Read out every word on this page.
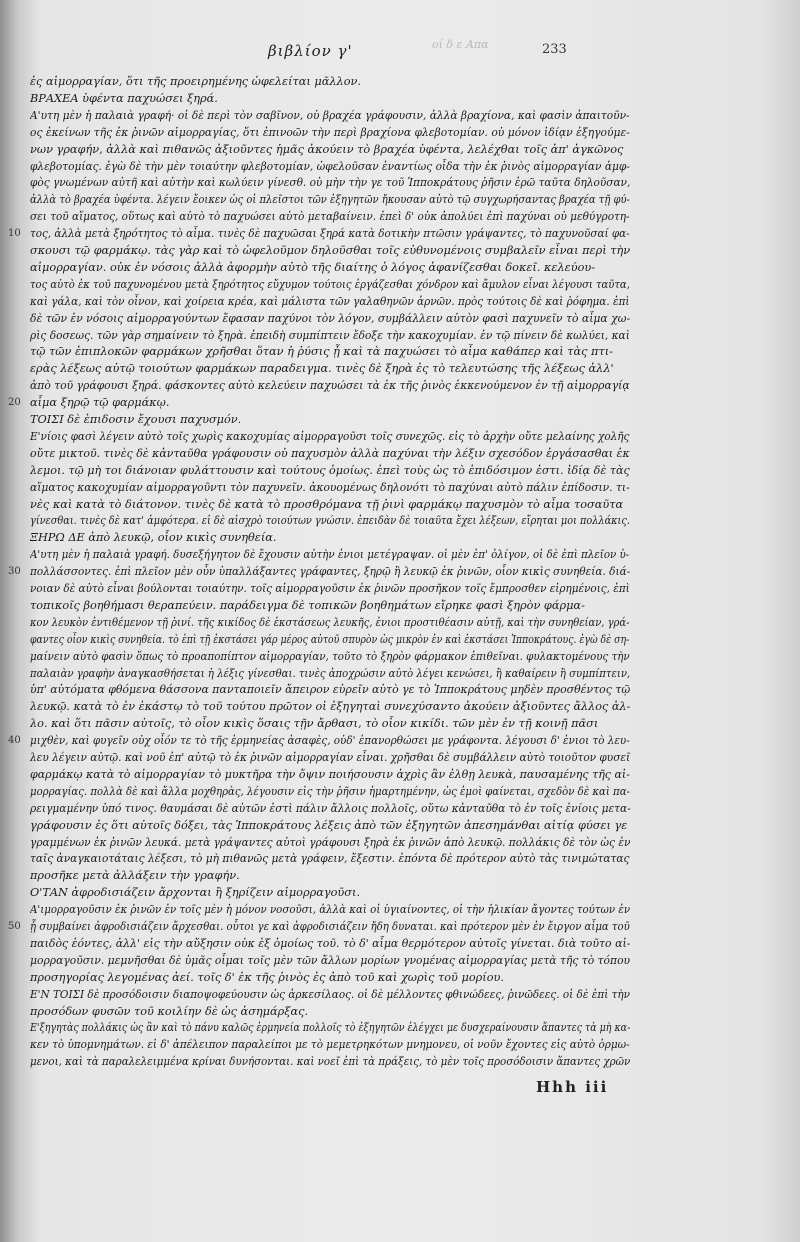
οί δ ε Απα
βιβλίον γ'	233
ἐς αἱμορραγίαν, ὅτι τῆς προειρημένης ὠφελείται μᾶλλον.
ΒΡΑΧΕΑ ὑφέντα παχυώσει ξηρά.
Α'υτη μὲν ἡ παλαιὰ γραφή· οἱ δὲ περὶ τὸν σαβῖνον, οὐ βραχέα γράφουσιν, ἀλλὰ βραχίονα, καὶ φασὶν ἀπαιτοῦν-
ος ἐκείνων τῆς ἐκ ῥινῶν αἱμορραγίας, ὅτι ἐπινοῶν τὴν περὶ βραχίονα φλεβοτομίαν. οὐ μόνον ἰδίᾳν ἐξηγούμε-
νων γραφήν, ἀλλὰ καὶ πιθανῶς ἀξιοῦντες ἡμᾶς ἀκούειν τὸ βραχέα ὑφέντα, λελέχθαι τοῖς ἀπ' ἀγκῶνος
φλεβοτομίας. ἐγὼ δὲ τὴν μὲν τοιαύτην φλεβοτομίαν, ὠφελοῦσαν ἐναντίως οἶδα τὴν ἐκ ῥινὸς αἱμορραγίαν ἀμφ-
φὸς γνωμένων αὐτῆ καὶ αὐτὴν καὶ κωλύειν γίνεσθ. οὐ μὴν τὴν γε τοῦ Ἱπποκράτους ῥῆσιν ἐρῶ ταῦτα δηλοῦσαν,
ἀλλὰ τὸ βραχέα ὑφέντα. λέγειν ἔοικεν ὡς οἱ πλεῖστοι τῶν ἐξηγητῶν ἤκουσαν αὐτὸ τῷ συγχωρήσαντας βραχέα τῇ φύ-
σει τοῦ αἵματος, οὕτως καὶ αὐτὸ τὸ παχυώσει αὐτὸ μεταβαίνειν. ἐπεὶ δ' οὐκ ἀπολύει ἐπὶ παχύναι οὐ μεθύγροτη-
τος, ἀλλὰ μετὰ ξηρότητος τὸ αἷμα. τινὲς δὲ παχυῶσαι ξηρά κατὰ δοτικὴν πτῶσιν γράψαντες, τὸ παχυνοῦσαί φα-
10
σκουσι τῷ φαρμάκῳ. τὰς γὰρ καὶ τὸ ὠφελοῦμον δηλοῦσθαι τοῖς εὐθυνομένοις συμβαλεῖν εἶναι περὶ τὴν
αἱμορραγίαν. οὐκ ἐν νόσοις ἀλλὰ ἀφορμὴν αὐτὸ τῆς διαίτης ὁ λόγος ἀφανίζεσθαι δοκεῖ. κελεύου-
τος αὐτὸ ἐκ τοῦ παχυνομένου μετὰ ξηρότητος εὔχυμον τούτοις ἐργάζεσθαι χόνδρον καὶ ἄμυλον εἶναι λέγουσι ταῦτα,
καὶ γάλα, καὶ τὸν οἶνον, καὶ χοίρεια κρέα, καὶ μάλιστα τῶν γαλαθηνῶν ἀρνῶν. πρὸς τούτοις δὲ καὶ ῥόφημα. ἐπὶ
δὲ τῶν ἐν νόσοις αἱμορραγούντων ἔφασαν παχύνοι τὸν λόγον, συμβάλλειν αὐτὸν φασὶ παχυνεῖν τὸ αἷμα χω-
ρὶς δοσεως. τῶν γὰρ σημαίνειν τὸ ξηρὰ. ἐπειδὴ συμπίπτειν ἔδοξε τὴν κακοχυμίαν. ἐν τῷ πίνειν δὲ κωλύει, καὶ
τῷ τῶν ἐπιπλοκῶν φαρμάκων χρῆσθαι ὅταν ἡ ῥύσις ᾖ καὶ τὰ παχυώσει τὸ αἷμα καθάπερ καὶ τὰς πτι-
ερὰς λέξεως αὐτῷ τοιούτων φαρμάκων παραδειγμα. τινὲς δὲ ξηρὰ ἐς τὸ τελευτώσης τῆς λέξεως ἀλλ'
ἀπὸ τοῦ γράφουσι ξηρά. φάσκοντες αὐτὸ κελεύειν παχυώσει τὰ ἐκ τῆς ῥινὸς ἐκκενούμενον ἐν τῇ αἱμορραγίᾳ
αἷμα ξηρῷ τῷ φαρμάκῳ.
20
ΤΟΙΣΙ δὲ ἐπιδοσιν ἔχουσι παχυσμόν.
Ε'νίοις φασὶ λέγειν αὐτὸ τοῖς χωρὶς κακοχυμίας αἱμορραγοῦσι τοῖς συνεχῶς. εἰς τὸ ἀρχὴν οὔτε μελαίνης χολῆς
οὔτε μικτοῦ. τινὲς δὲ κἀνταῦθα γράφουσιν οὐ παχυσμὸν ἀλλὰ παχύναι τὴν λέξιν σχεσόδον ἐργάσασθαι ἐκ
λεμοι. τῷ μὴ τοι διάνοιαν φυλάττουσιν καὶ τούτους ὁμοίως. ἐπεὶ τοὺς ὡς τὸ ἐπιδόσιμον ἐστι. ἰδίᾳ δὲ τὰς
αἵματος κακοχυμίαν αἱμορραγοῦντι τὸν παχυνεῖν. ἀκουομένως δηλονότι τὸ παχύναι αὐτὸ πάλιν ἐπίδοσιν. τι-
νὲς καὶ κατὰ τὸ διάτονον. τινὲς δὲ κατὰ τὸ προσθρόμανα τῇ ῥινὶ φαρμάκῳ παχυσμὸν τὸ αἷμα τοσαῦτα
γίνεσθαι. τινὲς δὲ κατ' ἀμφότερα. εἰ δὲ αἰσχρὸ τοιούτων γνώσιν. ἐπειδὰν δὲ τοιαῦτα ἔχει λέξεων, εἴρηται μοι πολλάκις.
ΞΗΡΩ ΔΕ ἀπὸ λευκῷ, οἷον κικὶς συνηθεία.
Α'υτη μὲν ἡ παλαιὰ γραφή. δυσεξήγητον δὲ ἔχουσιν αὐτὴν ἐνιοι μετέγραψαν. οἱ μὲν ἐπ' ὀλίγον, οἱ δὲ ἐπὶ πλεῖον ὑ-
πολλάσσοντες. ἐπὶ πλεῖον μὲν οὖν ὑπαλλάξαντες γράφαντες, ξηρῷ ἢ λευκῷ ἐκ ῥινῶν, οἷον κικὶς συνηθεία. διά-
30
νοιαν δὲ αὐτὸ εἶναι βούλονται τοιαύτην. τοῖς αἱμορραγοῦσιν ἐκ ῥινῶν προσῆκον τοῖς ἔμπροσθεν εἰρημένοις, ἐπὶ
τοπικοῖς βοηθήμασι θεραπεύειν. παράδειγμα δὲ τοπικῶν βοηθημάτων εἴρηκε φασὶ ξηρὸν φάρμα-
κον λευκὸν ἐντιθέμενον τῇ ῥινί. τῆς κικίδος δὲ ἐκστάσεως λευκῆς, ἐνιοι προστιθέασιν αὐτῇ, καὶ τὴν συνηθείαν, γρά-
φαντες οἷον κικὶς συνηθεία. τὸ ἐπὶ τῇ ἐκστάσει γάρ μέρος αὐτοῦ σπυρὸν ὡς μικρὸν ἐν καὶ ἐκστάσει Ἱπποκράτους. ἐγὼ δὲ ση-
μαίνειν αὐτὸ φασὶν ὅπως τὸ προαποπίπτον αἱμορραγίαν, τοῦτο τὸ ξηρὸν φάρμακον ἐπιθεῖναι. φυλακτομένους τὴν
παλαιὰν γραφὴν ἀναγκασθήσεται ἡ λέξις γίνεσθαι. τινὲς ἀποχρώσιν αὐτὸ λέγει κενώσει, ἢ καθαίρειν ἢ συμπίπτειν,
ὑπ' αὐτόματα φθόμενα θάσσονα πανταποιεῖν ἄπειρον εὑρεῖν αὐτὸ γε τὸ Ἱπποκράτους μηδὲν προσθέντος τῷ
λευκῷ. κατὰ τὸ ἐν ἐκάστῳ τὸ τοῦ τούτου πρῶτον οἱ ἐξηγηταὶ συνεχύσαντο ἀκούειν ἀξιοῦντες ἄλλος ἀλ-
λο. καὶ ὅτι πᾶσιν αὐτοῖς, τὸ οἷον κικὶς ὅσαις τῇν ἄρθασι, τὸ οἷον κικίδι. τῶν μὲν ἐν τῇ κοινῇ πᾶσι
μιχθὲν, καὶ φυγεῖν οὐχ οἷόν τε τὸ τῆς ἑρμηνείας ἀσαφὲς, οὐδ' ἐπανορθώσει με γράφοντα. λέγουσι δ' ἐνιοι τὸ λευ-
40
λευ λέγειν αὐτῷ. καὶ νοῦ ἐπ' αὐτῷ τὸ ἐκ ῥινῶν αἱμορραγίαν εἶναι. χρῆσθαι δὲ συμβάλλειν αὐτὸ τοιοῦτον φυσεῖ
φαρμάκῳ κατὰ τὸ αἱμορραγίαν τὸ μυκτῆρα τὴν ὄψιν ποιήσουσιν ἀχρὶς ἂν ἐλθῃ λευκὰ, παυσαμένης τῆς αἱ-
μορραγίας. πολλὰ δὲ καὶ ἄλλα μοχθηρὰς, λέγουσιν εἰς τὴν ῥῆσιν ἡμαρτημένην, ὡς ἐμοὶ φαίνεται, σχεδὸν δὲ καὶ πα-
ρειγμαμένην ὑπό τινος. θαυμάσαι δὲ αὐτῶν ἐστὶ πάλιν ἄλλοις πολλοῖς, οὕτω κἀνταῦθα τὸ ἐν τοῖς ἐνίοις μετα-
γράφουσιν ἐς ὅτι αὐτοῖς δόξει, τὰς Ἱπποκράτους λέξεις ἀπὸ τῶν ἐξηγητῶν ἀπεσημάνθαι αἰτίᾳ φύσει γε
γραμμένων ἐκ ῥινῶν λευκά. μετὰ γράψαντες αὐτοὶ γράφουσι ξηρὰ ἐκ ῥινῶν ἀπὸ λευκῷ. πολλάκις δὲ τὸν ὡς ἐν
ταῖς ἀναγκαιοτάταις λέξεσι, τὸ μὴ πιθανῶς μετὰ γράφειν, ἔξεστιν. ἐπόντα δὲ πρότερον αὐτὸ τὰς τινιμώτατας
προσῆκε μετὰ ἀλλάξειν τὴν γραφήν.
Ο'ΤΑΝ ἀφροδισιάζειν ἄρχονται ἢ ξηρίζειν αἱμορραγοῦσι.
Α'ιμορραγοῦσιν ἐκ ῥινῶν ἐν τοῖς μὲν ἡ μόνον νοσοῦσι, ἀλλὰ καὶ οἱ ὑγιαίνοντες, οἱ τὴν ἡλικίαν ἄγοντες τούτων ἐν
ᾗ συμβαίνει ἀφροδισιάζειν ἄρχεσθαι. οὗτοι γε καὶ ἀφροδισιάζειν ἤδη δυναται. καὶ πρότερον μὲν ἐν ἔιργον αἷμα τοῦ
50
παιδὸς ἐόντες, ἀλλ' εἰς τὴν αὔξησιν οὐκ ἐξ ὁμοίως τοῦ. τὸ δ' αἷμα θερμότερον αὐτοῖς γίνεται. διὰ τοῦτο αἱ-
μορραγοῦσιν. μεμνῆσθαι δὲ ὑμᾶς οἶμαι τοῖς μὲν τῶν ἄλλων μορίων γνομένας αἱμορραγίας μετὰ τῆς τὸ τόπου
προσηγορίας λεγομένας ἀεί. τοῖς δ' ἐκ τῆς ῥινὸς ἐς ἀπὸ τοῦ καὶ χωρὶς τοῦ μορίου.
Ε'Ν ΤΟΙΣΙ δὲ προσόδοισιν διαποψοφεύουσιν ὡς ἀρκεσίλαος. οἱ δὲ μέλλοντες φθινώδεες, ῥινῶδεες. οἱ δὲ ἐπὶ τὴν
προσόδων φυσῶν τοῦ κοιλίην δὲ ὡς ἀσημάρξας.
Ε'ξηγητὰς πολλάκις ὡς ἂν καὶ τὸ πάνυ καλῶς ἑρμηνεία πολλοῖς τὸ ἐξηγητῶν ἐλέγχει με δυσχεραίνουσιν ἅπαντες τὰ μὴ κα-
κεν τὸ ὑπομνημάτων. εἰ δ' ἀπέλειπον παραλείποι με τὸ μεμετρηκότων μνημονευ, οἱ νοῦν ἔχοντες εἰς αὐτὸ ὁρμω-
μενοι, καὶ τὰ παραλελειμμένα κρίναι δυνήσονται. καὶ νοεῖ ἐπὶ τὰ πράξεις, τὸ μὲν τοῖς προσόδοισιν ἅπαντες χρῶν
Hhh iii
